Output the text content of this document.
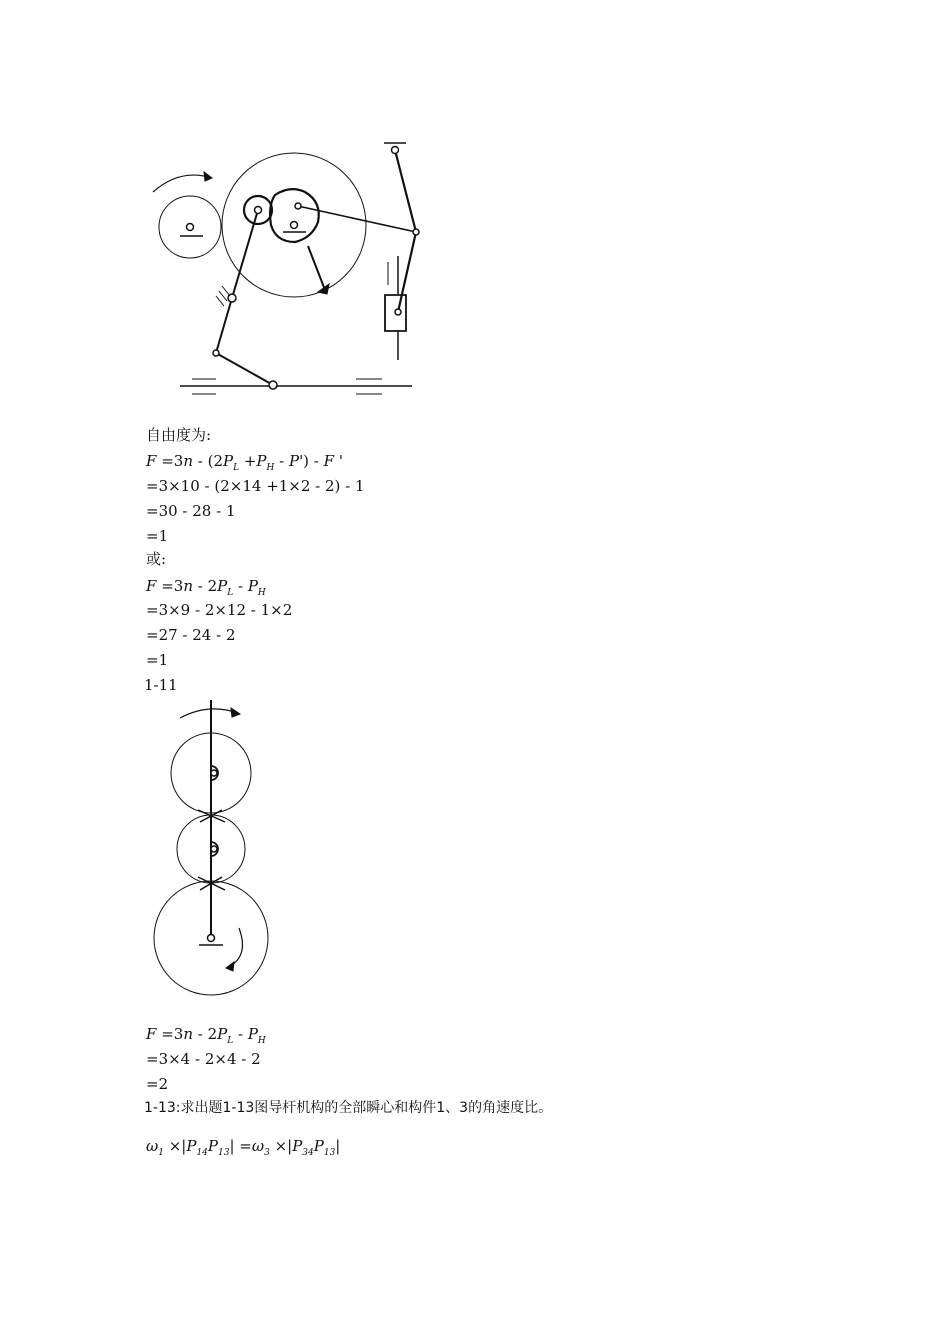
自由度为:
$F =3n - (2P_L +P_H - P') - F$ '
=3×10 - (2×14 +1×2 - 2) - 1
=30 - 28 - 1
=1
或:
$F =3n - 2P_L - P_H$
=3×9 - 2×12 - 1×2
=27 - 24 - 2
=1
1-11
$F =3n - 2P_L - P_H$
=3×4 - 2×4 - 2
=2
1-13:求出题1-13图导杆机构的全部瞬心和构件1、3的角速度比。
$\omega_1 \times|P_{14}P_{13}| =\omega_3 \times|P_{34}P_{13}|$
